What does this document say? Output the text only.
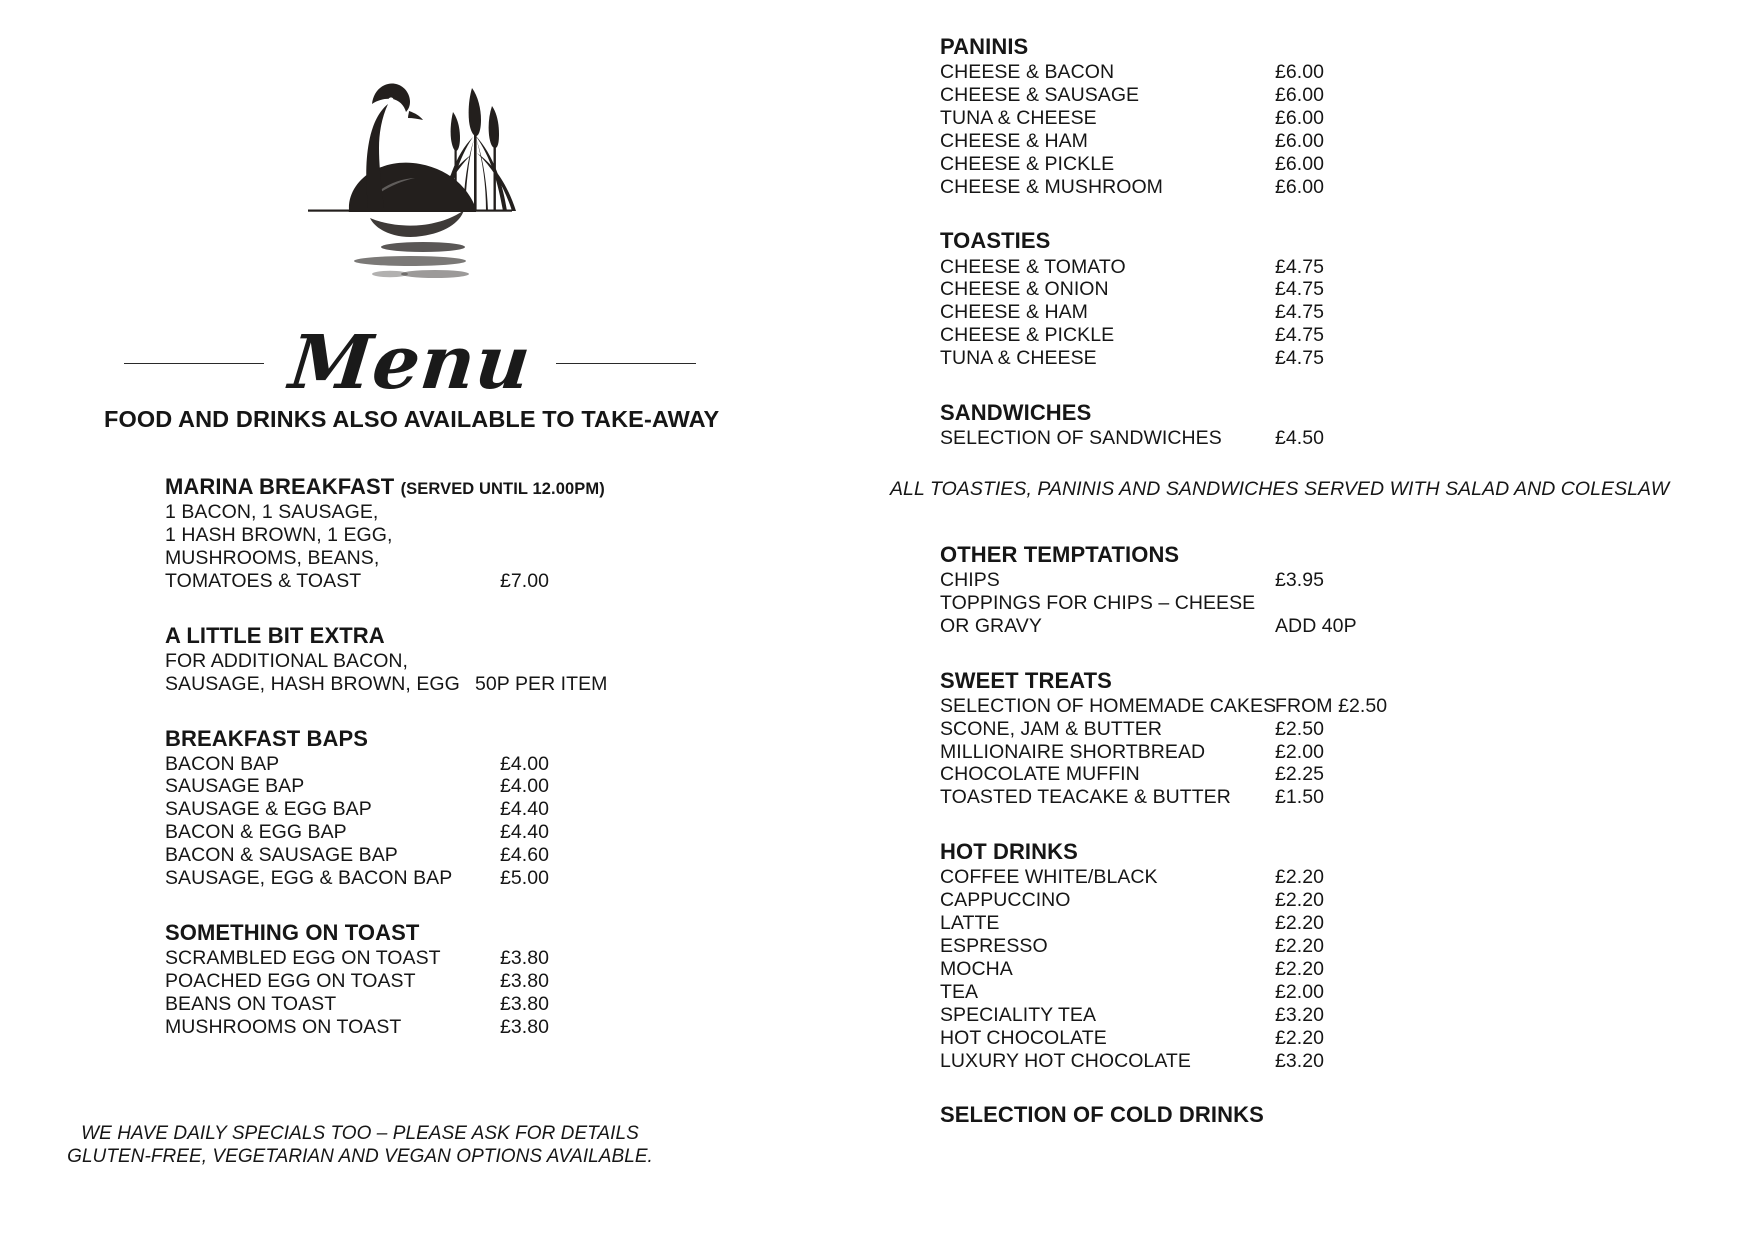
Menu
FOOD AND DRINKS ALSO AVAILABLE TO TAKE-AWAY
MARINA BREAKFAST (SERVED UNTIL 12.00PM)
1 BACON, 1 SAUSAGE,
1 HASH BROWN, 1 EGG,
MUSHROOMS, BEANS,
TOMATOES & TOAST	£7.00
A LITTLE BIT EXTRA
FOR ADDITIONAL BACON,
SAUSAGE, HASH BROWN, EGG 50P PER ITEM
BREAKFAST BAPS
BACON BAP	£4.00
SAUSAGE BAP	£4.00
SAUSAGE & EGG BAP	£4.40
BACON & EGG BAP	£4.40
BACON & SAUSAGE BAP	£4.60
SAUSAGE, EGG & BACON BAP £5.00
SOMETHING ON TOAST
SCRAMBLED EGG ON TOAST	£3.80
POACHED EGG ON TOAST	£3.80
BEANS ON TOAST	£3.80
MUSHROOMS ON TOAST	£3.80
WE HAVE DAILY SPECIALS TOO – PLEASE ASK FOR DETAILS
GLUTEN-FREE, VEGETARIAN AND VEGAN OPTIONS AVAILABLE.
PANINIS
CHEESE & BACON	£6.00
CHEESE & SAUSAGE	£6.00
TUNA & CHEESE	£6.00
CHEESE & HAM	£6.00
CHEESE & PICKLE	£6.00
CHEESE & MUSHROOM	£6.00
TOASTIES
CHEESE & TOMATO	£4.75
CHEESE & ONION	£4.75
CHEESE & HAM	£4.75
CHEESE & PICKLE	£4.75
TUNA & CHEESE	£4.75
SANDWICHES
SELECTION OF SANDWICHES	£4.50
ALL TOASTIES, PANINIS AND SANDWICHES SERVED WITH SALAD AND COLESLAW
OTHER TEMPTATIONS
CHIPS	£3.95
TOPPINGS FOR CHIPS – CHEESE
OR GRAVY	ADD 40P
SWEET TREATS
SELECTION OF HOMEMADE CAKES
FROM £2.50
SCONE, JAM & BUTTER	£2.50
MILLIONAIRE SHORTBREAD	£2.00
CHOCOLATE MUFFIN	£2.25
TOASTED TEACAKE & BUTTER £1.50
HOT DRINKS
COFFEE WHITE/BLACK	£2.20
CAPPUCCINO	£2.20
LATTE	£2.20
ESPRESSO	£2.20
MOCHA	£2.20
TEA	£2.00
SPECIALITY TEA	£3.20
HOT CHOCOLATE	£2.20
LUXURY HOT CHOCOLATE	£3.20
SELECTION OF COLD DRINKS
